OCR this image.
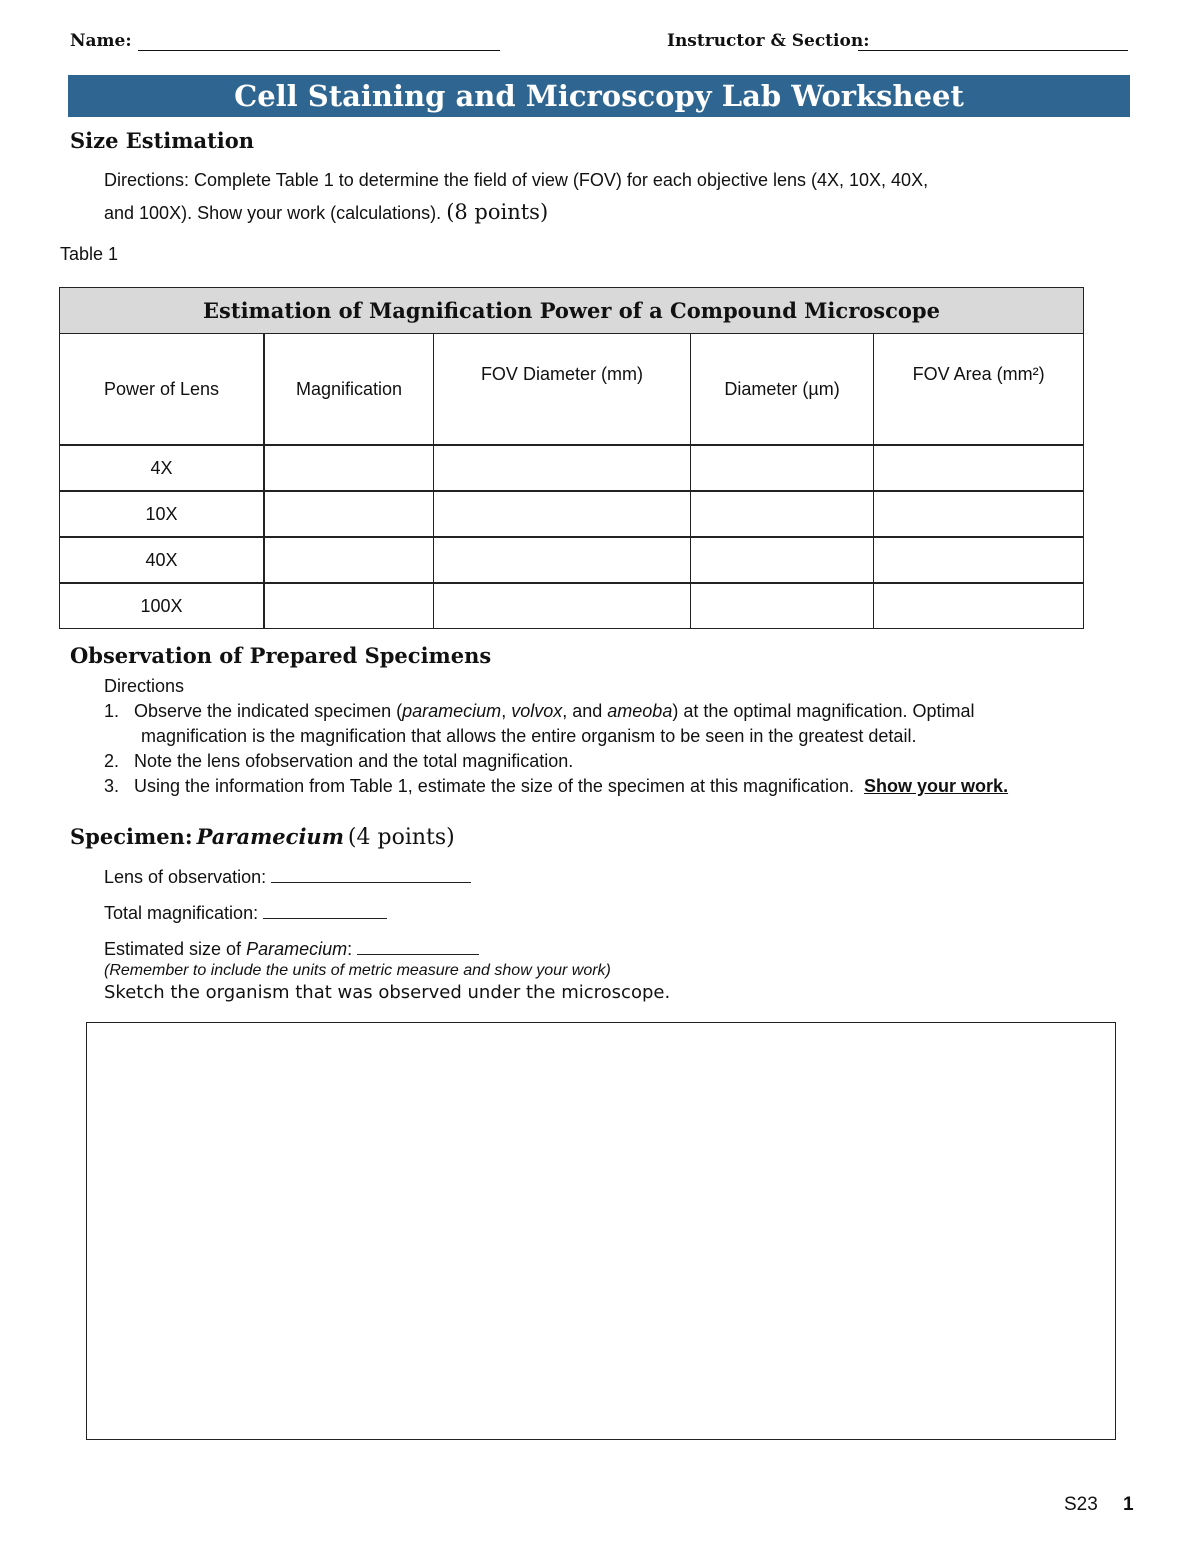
Name:	Instructor & Section:
Cell Staining and Microscopy Lab Worksheet
Size Estimation
Directions: Complete Table 1 to determine the field of view (FOV) for each objective lens (4X, 10X, 40X,
and 100X). Show your work (calculations). (8 points)
Table 1
Estimation of Magnification Power of a Compound Microscope				
Power of Lens	Magnification	FOV Diameter (mm)	Diameter (µm)	FOV Area (mm²)
4X				
10X				
40X				
100X				
Observation of Prepared Specimens
Directions
1. Observe the indicated specimen (paramecium, volvox, and ameoba) at the optimal magnification. Optimal
magnification is the magnification that allows the entire organism to be seen in the greatest detail.
2. Note the lens ofobservation and the total magnification.
3. Using the information from Table 1, estimate the size of the specimen at this magnification. Show your work.
Specimen: Paramecium (4 points)
Lens of observation:
Total magnification:
Estimated size of Paramecium:
(Remember to include the units of metric measure and show your work)
Sketch the organism that was observed under the microscope.
S23 1
